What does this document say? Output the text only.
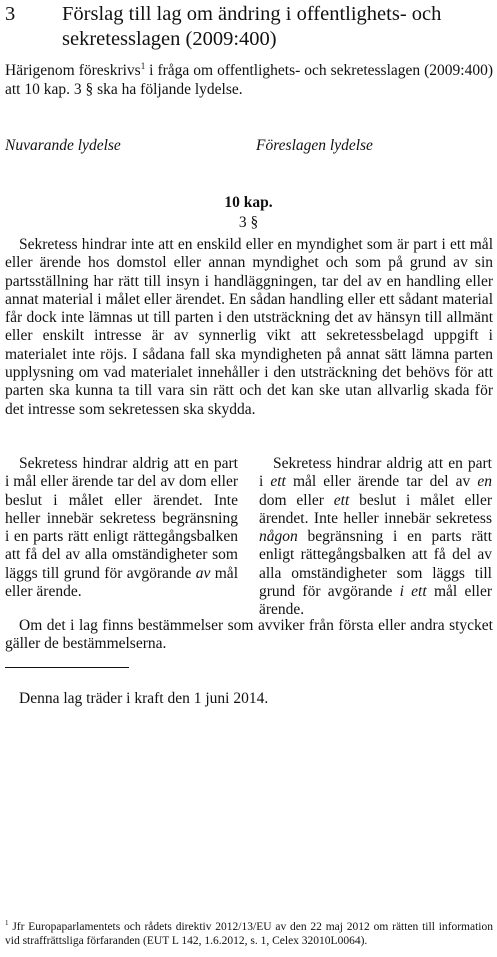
3 Förslag till lag om ändring i offentlighets- och sekretesslagen (2009:400)
Härigenom föreskrivs$^1$ i fråga om offentlighets- och sekretesslagen (2009:400) att 10 kap. 3 § ska ha följande lydelse.
Nuvarande lydelse	Föreslagen lydelse
10 kap.
3 §

Sekretess hindrar inte att en enskild eller en myndighet som är part i ett mål eller ärende hos domstol eller annan myndighet och som på grund av sin partsställning har rätt till insyn i handläggningen, tar del av en handling eller annat material i målet eller ärendet. En sådan handling eller ett sådant material får dock inte lämnas ut till parten i den utsträckning det av hänsyn till allmänt eller enskilt intresse är av synnerlig vikt att sekretessbelagd uppgift i materialet inte röjs. I sådana fall ska myndigheten på annat sätt lämna parten upplysning om vad materialet innehåller i den utsträckning det behövs för att parten ska kunna ta till vara sin rätt och det kan ske utan allvarlig skada för det intresse som sekretessen ska skydda.

Sekretess hindrar aldrig att en part i mål eller ärende tar del av dom eller beslut i målet eller ärendet. Inte heller innebär sekretess begränsning i en parts rätt enligt rättegångsbalken att få del av alla omständigheter som läggs till grund för avgörande av mål eller ärende.

Sekretess hindrar aldrig att en part i ett mål eller ärende tar del av en dom eller ett beslut i målet eller ärendet. Inte heller innebär sekretess någon begränsning i en parts rätt enligt rättegångsbalken att få del av alla omständigheter som läggs till grund för avgörande i ett mål eller ärende.

Om det i lag finns bestämmelser som avviker från första eller andra stycket gäller de bestämmelserna.

Denna lag träder i kraft den 1 juni 2014.
$^1$ Jfr Europaparlamentets och rådets direktiv 2012/13/EU av den 22 maj 2012 om rätten till information vid straffrättsliga förfaranden (EUT L 142, 1.6.2012, s. 1, Celex 32010L0064).
